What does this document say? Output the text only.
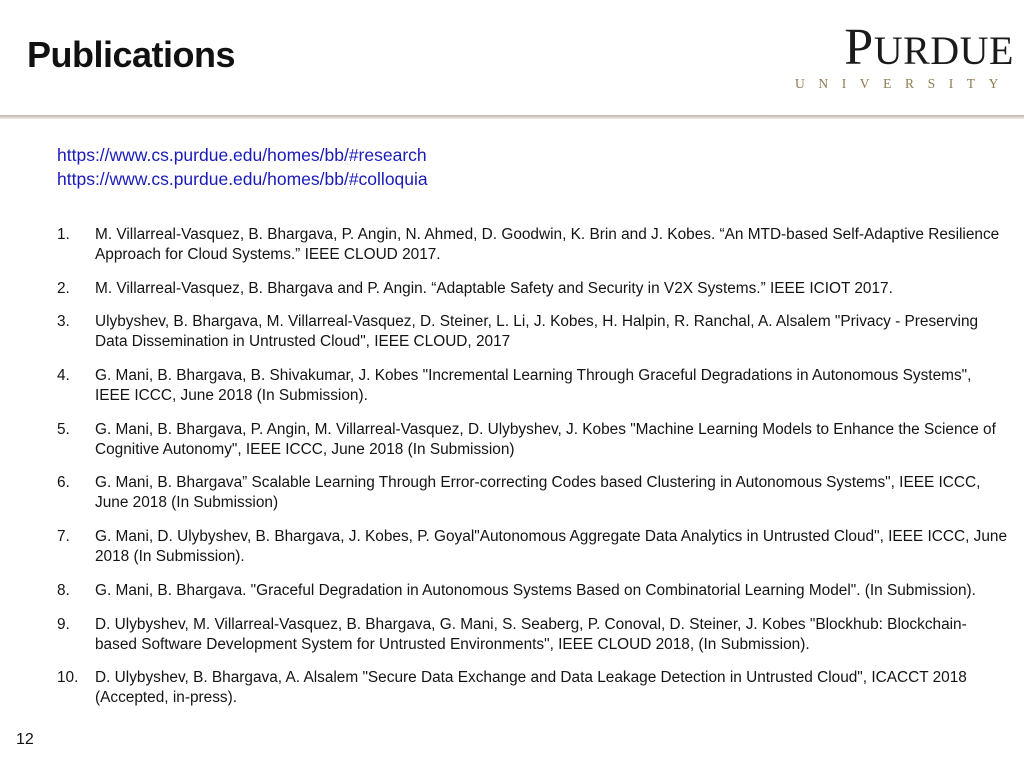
Publications	PURDUE
UNIVERSITY
https://www.cs.purdue.edu/homes/bb/#research
https://www.cs.purdue.edu/homes/bb/#colloquia
1. M. Villarreal-Vasquez, B. Bhargava, P. Angin, N. Ahmed, D. Goodwin, K. Brin and J. Kobes. “An MTD-based Self-Adaptive Resilience Approach for Cloud Systems.” IEEE CLOUD 2017.
2. M. Villarreal-Vasquez, B. Bhargava and P. Angin. “Adaptable Safety and Security in V2X Systems.” IEEE ICIOT 2017.
3. Ulybyshev, B. Bhargava, M. Villarreal-Vasquez, D. Steiner, L. Li, J. Kobes, H. Halpin, R. Ranchal, A. Alsalem "Privacy - Preserving Data Dissemination in Untrusted Cloud", IEEE CLOUD, 2017
4. G. Mani, B. Bhargava, B. Shivakumar, J. Kobes "Incremental Learning Through Graceful Degradations in Autonomous Systems", IEEE ICCC, June 2018 (In Submission).
5. G. Mani, B. Bhargava, P. Angin, M. Villarreal-Vasquez, D. Ulybyshev, J. Kobes "Machine Learning Models to Enhance the Science of Cognitive Autonomy", IEEE ICCC, June 2018 (In Submission)
6. G. Mani, B. Bhargava” Scalable Learning Through Error-correcting Codes based Clustering in Autonomous Systems", IEEE ICCC, June 2018 (In Submission)
7. G. Mani, D. Ulybyshev, B. Bhargava, J. Kobes, P. Goyal"Autonomous Aggregate Data Analytics in Untrusted Cloud", IEEE ICCC, June 2018 (In Submission).
8. G. Mani, B. Bhargava. "Graceful Degradation in Autonomous Systems Based on Combinatorial Learning Model". (In Submission).
9. D. Ulybyshev, M. Villarreal-Vasquez, B. Bhargava, G. Mani, S. Seaberg, P. Conoval, D. Steiner, J. Kobes "Blockhub: Blockchain-based Software Development System for Untrusted Environments", IEEE CLOUD 2018, (In Submission).
10. D. Ulybyshev, B. Bhargava, A. Alsalem "Secure Data Exchange and Data Leakage Detection in Untrusted Cloud", ICACCT 2018 (Accepted, in-press).
12
